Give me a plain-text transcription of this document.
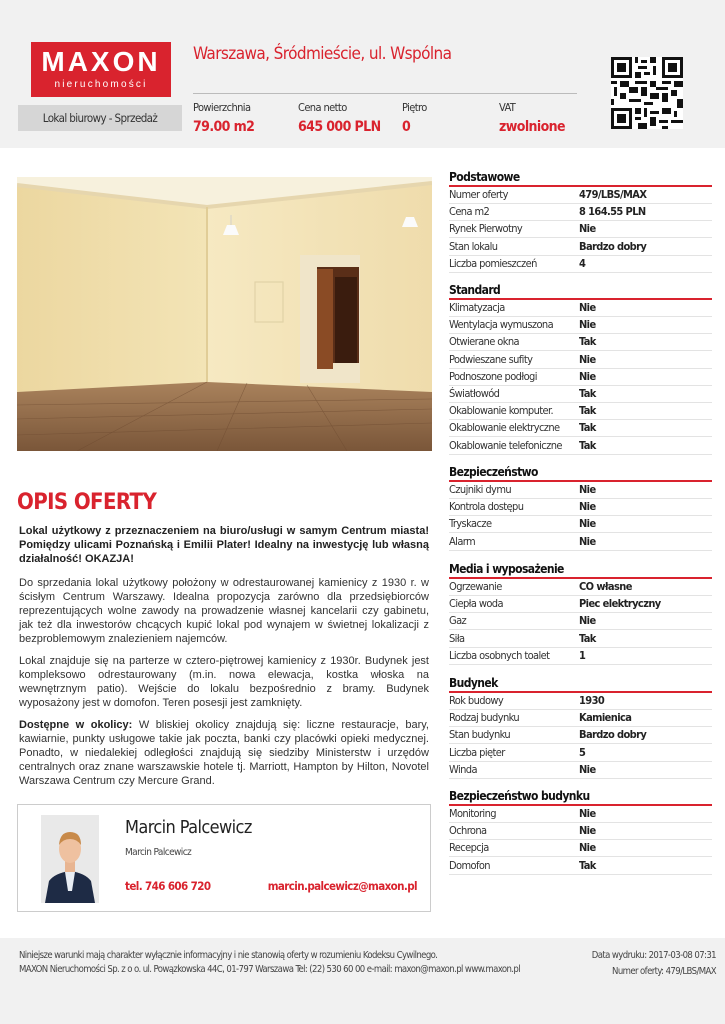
MAXON
nieruchomości
Warszawa, Śródmieście, ul. Wspólna
Lokal biurowy - Sprzedaż
Powierzchnia
79.00 m2
Cena netto
645 000 PLN
Piętro
0
VAT
zwolnione
OPIS OFERTY
Lokal użytkowy z przeznaczeniem na biuro/usługi w samym Centrum miasta! Pomiędzy ulicami Poznańską i Emilii Plater! Idealny na inwestycję lub własną działalność! OKAZJA!
Do sprzedania lokal użytkowy położony w odrestaurowanej kamienicy z 1930 r. w ścisłym Centrum Warszawy. Idealna propozycja zarówno dla przedsiębiorców reprezentujących wolne zawody na prowadzenie własnej kancelarii czy gabinetu, jak też dla inwestorów chcących kupić lokal pod wynajem w świetnej lokalizacji z bezproblemowym znalezieniem najemców.
Lokal znajduje się na parterze w cztero-piętrowej kamienicy z 1930r. Budynek jest kompleksowo odrestaurowany (m.in. nowa elewacja, kostka włoska na wewnętrznym patio). Wejście do lokalu bezpośrednio z bramy. Budynek wyposażony jest w domofon. Teren posesji jest zamknięty.
Dostępne w okolicy: W bliskiej okolicy znajdują się: liczne restauracje, bary, kawiarnie, punkty usługowe takie jak poczta, banki czy placówki opieki medycznej. Ponadto, w niedalekiej odległości znajdują się siedziby Ministerstw i urzędów centralnych oraz znane warszawskie hotele tj. Marriott, Hampton by Hilton, Novotel Warszawa Centrum czy Mercure Grand.
Marcin Palcewicz
Marcin Palcewicz
tel. 746 606 720	marcin.palcewicz@maxon.pl
Podstawowe
Numer oferty	479/LBS/MAX
Cena m2	8 164.55 PLN
Rynek Pierwotny	Nie
Stan lokalu	Bardzo dobry
Liczba pomieszczeń	4
Standard
Klimatyzacja	Nie
Wentylacja wymuszona Nie
Otwierane okna	Tak
Podwieszane sufity	Nie
Podnoszone podłogi	Nie
Światłowód	Tak
Okablowanie komputer. Tak
Okablowanie elektryczne Tak
Okablowanie telefoniczne Tak
Bezpieczeństwo
Czujniki dymu	Nie
Kontrola dostępu	Nie
Tryskacze	Nie
Alarm	Nie
Media i wyposażenie
Ogrzewanie	CO własne
Ciepła woda	Piec elektryczny
Gaz	Nie
Siła	Tak
Liczba osobnych toalet	1
Budynek
Rok budowy	1930
Rodzaj budynku	Kamienica
Stan budynku	Bardzo dobry
Liczba pięter	5
Winda	Nie
Bezpieczeństwo budynku
Monitoring	Nie
Ochrona	Nie
Recepcja	Nie
Domofon	Tak
Niniejsze warunki mają charakter wyłącznie informacyjny i nie stanowią oferty w rozumieniu Kodeksu Cywilnego.
MAXON Nieruchomości Sp. z o o. ul. Powązkowska 44C, 01-797 Warszawa Tel: (22) 530 60 00 e-mail: maxon@maxon.pl www.maxon.pl
Data wydruku: 2017-03-08 07:31
Numer oferty: 479/LBS/MAX
